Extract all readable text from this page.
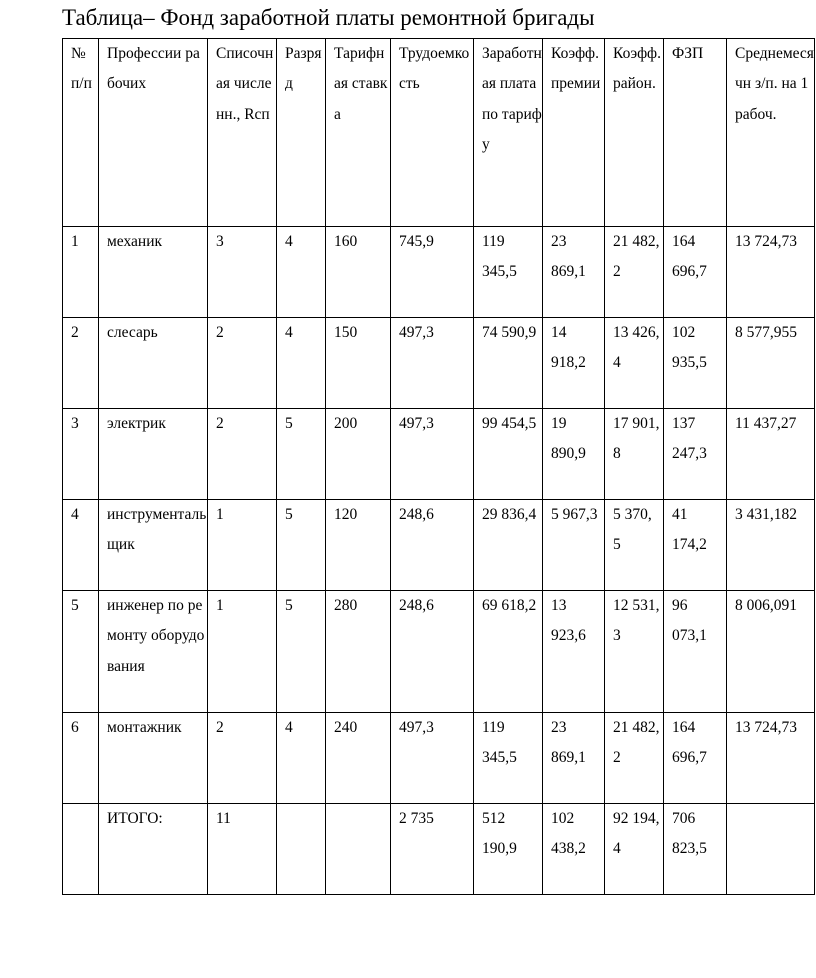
Таблица– Фонд заработной платы ремонтной бригады
№ п/п	Профессии рабочих	Списочная численн., Rсп	Разряд	Тарифная ставка	Трудоемкость	Заработная плата по тарифу	Коэфф. премии	Коэфф. район.	ФЗП	Среднемесячн з/п. на 1 рабоч.

1	механик	3	4	160	745,9	119 345,5	23 869,1	21 482, 2	164 696,7	13 724,73

2	слесарь	2	4	150	497,3	74 590,9	14 918,2	13 426, 4	102 935,5	8 577,955

3	электрик	2	5	200	497,3	99 454,5	19 890,9	17 901, 8	137 247,3	11 437,27

4	инструментальщик	1	5	120	248,6	29 836,4	5 967,3	5 370, 5	41 174,2	3 431,182

5	инженер по ремонту оборудования	1	5	280	248,6	69 618,2	13 923,6	12 531, 3	96 073,1	8 006,091

6	монтажник	2	4	240	497,3	119 345,5	23 869,1	21 482, 2	164 696,7	13 724,73

	ИТОГО:	11			2 735	512 190,9	102 438,2	92 194, 4	706 823,5	
